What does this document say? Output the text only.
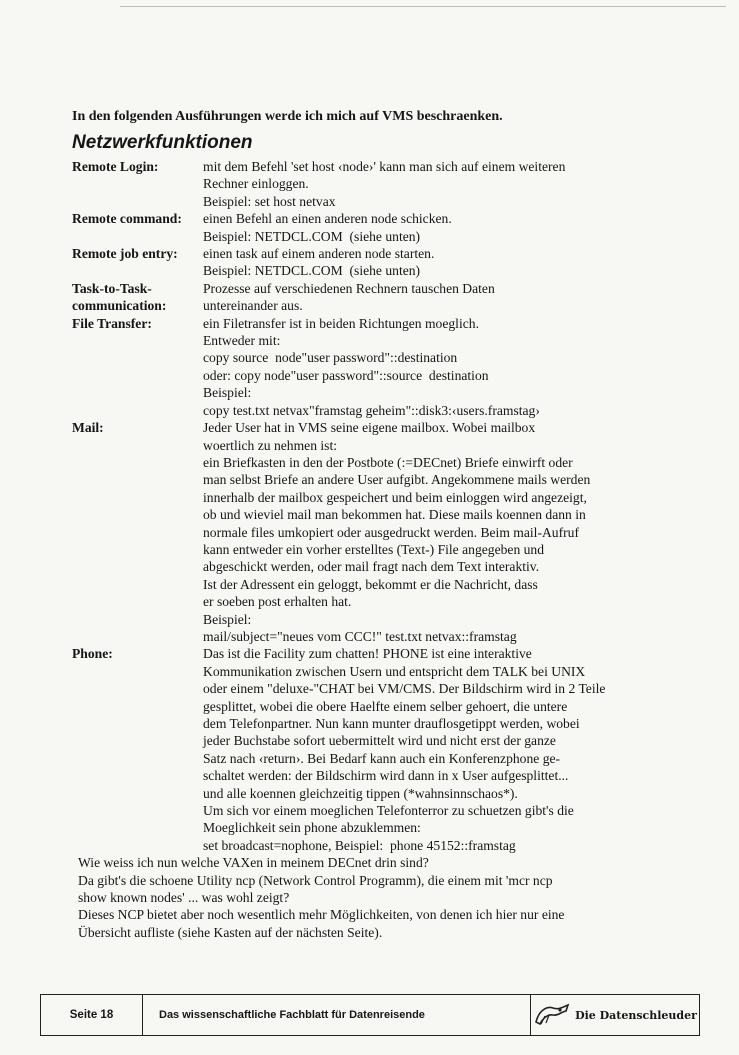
In den folgenden Ausführungen werde ich mich auf VMS beschraenken.
Netzwerkfunktionen
Remote Login:	mit dem Befehl 'set host ‹node›' kann man sich auf einem weiteren
Rechner einloggen.
Beispiel: set host netvax
Remote command:	einen Befehl an einen anderen node schicken.
Beispiel: NETDCL.COM  (siehe unten)
Remote job entry:	einen task auf einem anderen node starten.
Beispiel: NETDCL.COM  (siehe unten)
Task-to-Task-
communication:
Prozesse auf verschiedenen Rechnern tauschen Daten
untereinander aus.
File Transfer:	ein Filetransfer ist in beiden Richtungen moeglich.
Entweder mit:
copy source  node"user password"::destination
oder: copy node"user password"::source  destination
Beispiel:
copy test.txt netvax"framstag geheim"::disk3:‹users.framstag›
Mail:	Jeder User hat in VMS seine eigene mailbox. Wobei mailbox
woertlich zu nehmen ist:
ein Briefkasten in den der Postbote (:=DECnet) Briefe einwirft oder
man selbst Briefe an andere User aufgibt. Angekommene mails werden
innerhalb der mailbox gespeichert und beim einloggen wird angezeigt,
ob und wieviel mail man bekommen hat. Diese mails koennen dann in
normale files umkopiert oder ausgedruckt werden. Beim mail-Aufruf
kann entweder ein vorher erstelltes (Text-) File angegeben und
abgeschickt werden, oder mail fragt nach dem Text interaktiv.
Ist der Adressent ein geloggt, bekommt er die Nachricht, dass
er soeben post erhalten hat.
Beispiel:
mail/subject="neues vom CCC!" test.txt netvax::framstag
Phone:	Das ist die Facility zum chatten! PHONE ist eine interaktive
Kommunikation zwischen Usern und entspricht dem TALK bei UNIX
oder einem "deluxe-"CHAT bei VM/CMS. Der Bildschirm wird in 2 Teile
gesplittet, wobei die obere Haelfte einem selber gehoert, die untere
dem Telefonpartner. Nun kann munter drauflosgetippt werden, wobei
jeder Buchstabe sofort uebermittelt wird und nicht erst der ganze
Satz nach ‹return›. Bei Bedarf kann auch ein Konferenzphone ge-
schaltet werden: der Bildschirm wird dann in x User aufgesplittet...
und alle koennen gleichzeitig tippen (*wahnsinnschaos*).
Um sich vor einem moeglichen Telefonterror zu schuetzen gibt's die
Moeglichkeit sein phone abzuklemmen:
set broadcast=nophone, Beispiel:  phone 45152::framstag
Wie weiss ich nun welche VAXen in meinem DECnet drin sind?
Da gibt's die schoene Utility ncp (Network Control Programm), die einem mit 'mcr ncp
show known nodes' ... was wohl zeigt?
Dieses NCP bietet aber noch wesentlich mehr Möglichkeiten, von denen ich hier nur eine
Übersicht aufliste (siehe Kasten auf der nächsten Seite).
Seite 18	Das wissenschaftliche Fachblatt für Datenreisende	Die Datenschleuder
